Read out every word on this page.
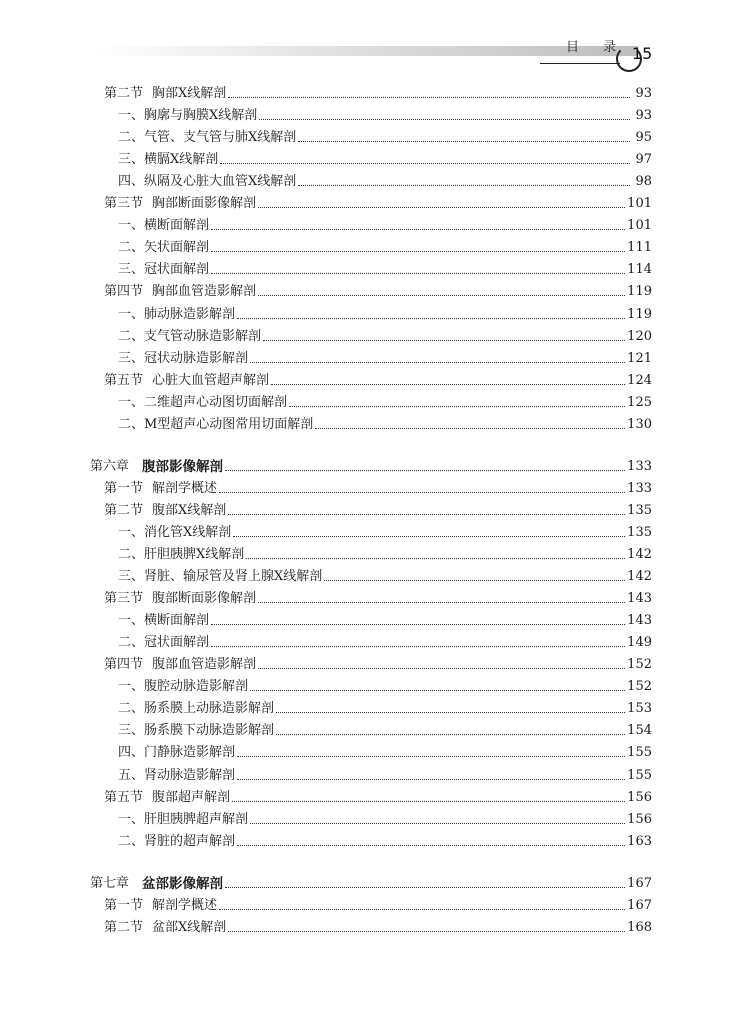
目 录 15
第二节 胸部X线解剖	93
一、胸廓与胸膜X线解剖	93
二、气管、支气管与肺X线解剖	95
三、横膈X线解剖	97
四、纵隔及心脏大血管X线解剖	98
第三节 胸部断面影像解剖	101
一、横断面解剖	101
二、矢状面解剖	111
三、冠状面解剖	114
第四节 胸部血管造影解剖	119
一、肺动脉造影解剖	119
二、支气管动脉造影解剖	120
三、冠状动脉造影解剖	121
第五节 心脏大血管超声解剖	124
一、二维超声心动图切面解剖	125
二、M型超声心动图常用切面解剖	130
第六章 腹部影像解剖	133
第一节 解剖学概述	133
第二节 腹部X线解剖	135
一、消化管X线解剖	135
二、肝胆胰脾X线解剖	142
三、肾脏、输尿管及肾上腺X线解剖	142
第三节 腹部断面影像解剖	143
一、横断面解剖	143
二、冠状面解剖	149
第四节 腹部血管造影解剖	152
一、腹腔动脉造影解剖	152
二、肠系膜上动脉造影解剖	153
三、肠系膜下动脉造影解剖	154
四、门静脉造影解剖	155
五、肾动脉造影解剖	155
第五节 腹部超声解剖	156
一、肝胆胰脾超声解剖	156
二、肾脏的超声解剖	163
第七章 盆部影像解剖	167
第一节 解剖学概述	167
第二节 盆部X线解剖	168
